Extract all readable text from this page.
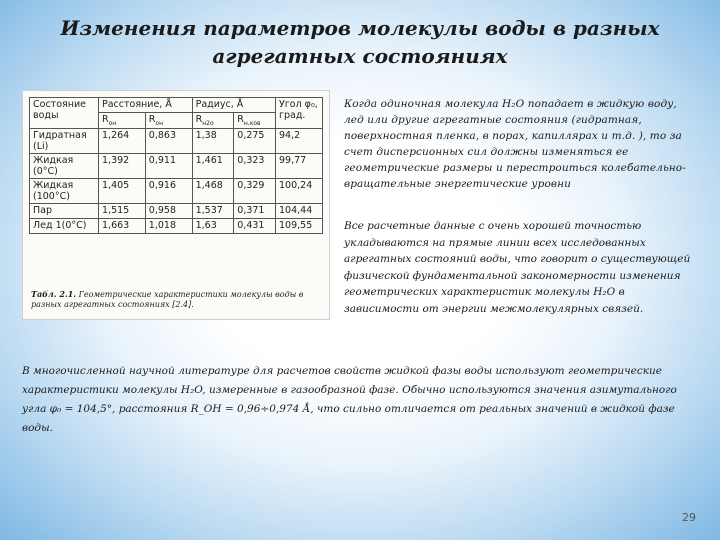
Изменения параметров молекулы воды в разных
агрегатных состояниях
Состояние воды	Расстояние, Å		Радиус, Å		Угол φ₀, град.
	$R_{он}$	$R_{он}$	$R_{н2о}$	$R_{н,ков}$
Гидратная (Li)	1,264	0,863	1,38	0,275	94,2
Жидкая (0°С)	1,392	0,911	1,461	0,323	99,77
Жидкая (100°С)	1,405	0,916	1,468	0,329	100,24
Пар	1,515	0,958	1,537	0,371	104,44
Лед 1(0°С)	1,663	1,018	1,63	0,431	109,55
Табл. 2.1. Геометрические характеристики молекулы воды в разных агрегатных состояниях [2.4].
Когда одиночная молекула H₂O попадает в жидкую воду, лед или другие агрегатные состояния (гидратная, поверхностная пленка, в порах, капиллярах и т.д. ), то за счет дисперсионных сил должны изменяться ее геометрические размеры и перестроиться колебательно-вращательные энергетические уровни
Все расчетные данные с очень хорошей точностью укладываются на прямые линии всех исследованных агрегатных состояний воды, что говорит о существующей физической фундаментальной закономерности изменения геометрических характеристик молекулы H₂O в зависимости от энергии межмолекулярных связей.
В многочисленной научной литературе для расчетов свойств жидкой фазы воды используют геометрические характеристики молекулы H₂O, измеренные в газообразной фазе. Обычно используются значения азимутального угла φ₀ = 104,5°, расстояния R_OH = 0,96÷0,974 Å, что сильно отличается от реальных значений в жидкой фазе воды.
29
